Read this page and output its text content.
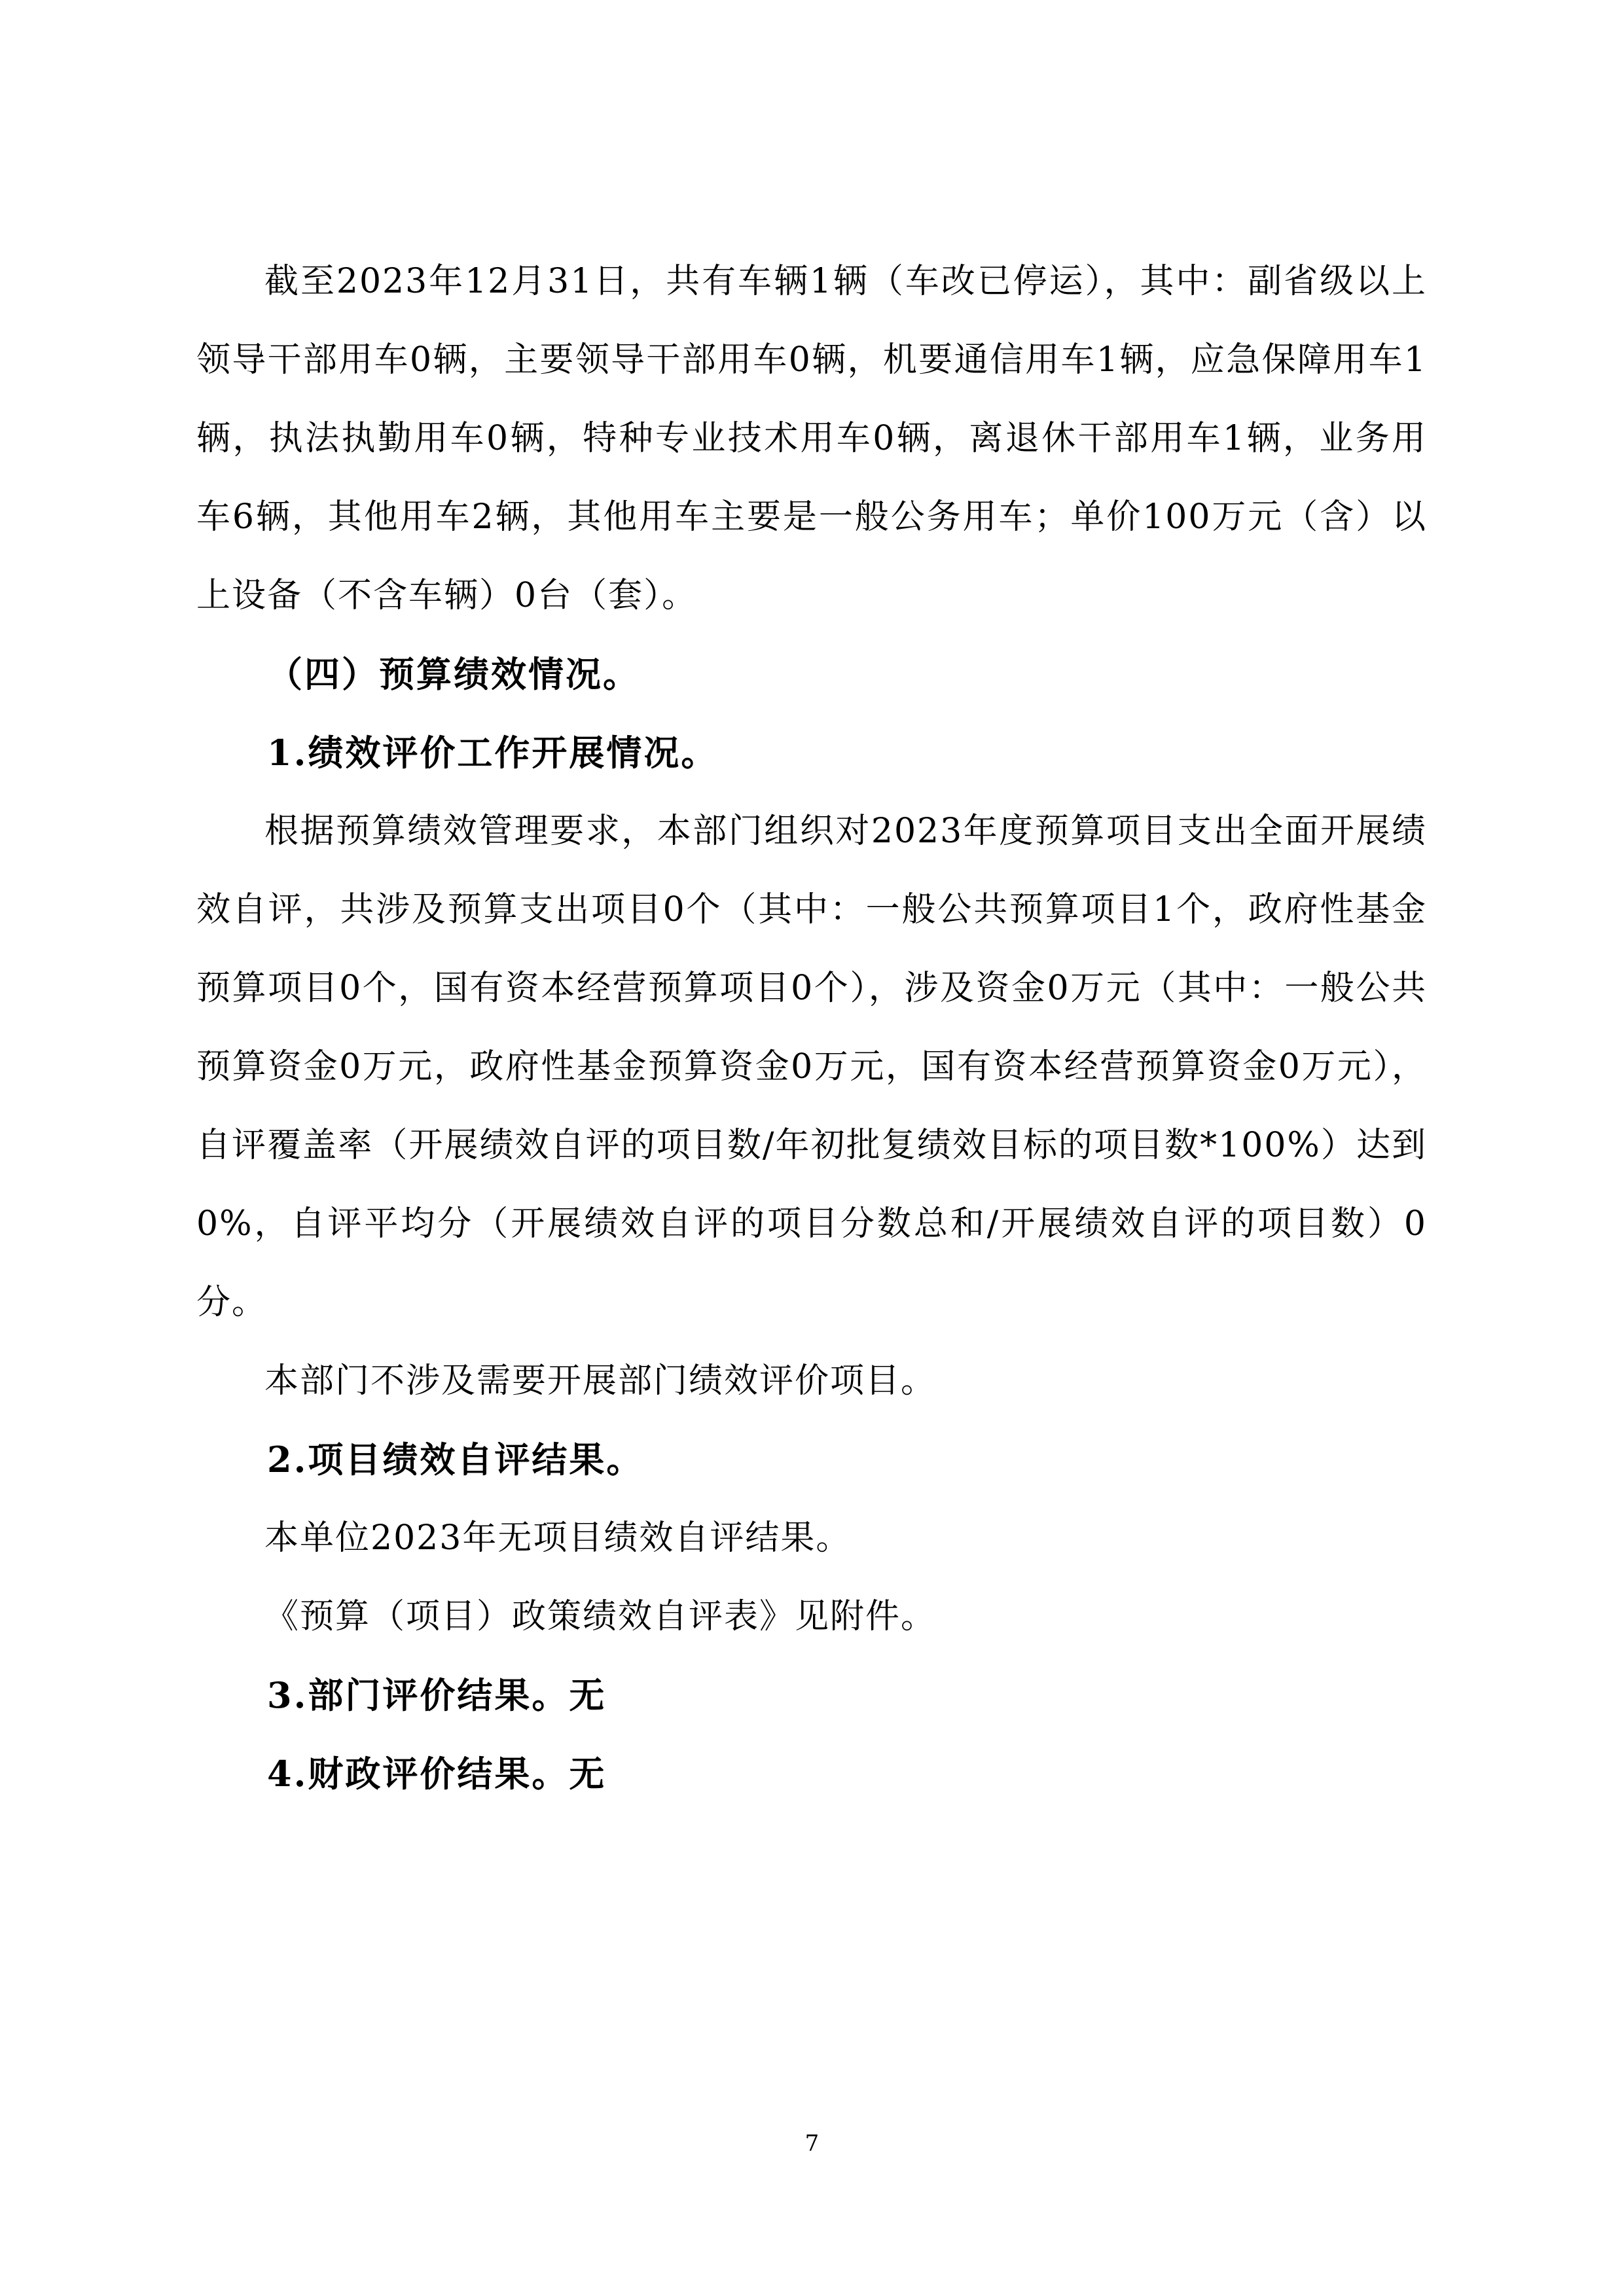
截至2023年12月31日，共有车辆1辆（车改已停运），其中：副省级以上领导干部用车0辆，主要领导干部用车0辆，机要通信用车1辆，应急保障用车1辆，执法执勤用车0辆，特种专业技术用车0辆，离退休干部用车1辆，业务用车6辆，其他用车2辆，其他用车主要是一般公务用车；单价100万元（含）以上设备（不含车辆）0台（套）。

（四）预算绩效情况。

1.绩效评价工作开展情况。

根据预算绩效管理要求，本部门组织对2023年度预算项目支出全面开展绩效自评，共涉及预算支出项目0个（其中：一般公共预算项目1个，政府性基金预算项目0个，国有资本经营预算项目0个），涉及资金0万元（其中：一般公共预算资金0万元，政府性基金预算资金0万元，国有资本经营预算资金0万元），自评覆盖率（开展绩效自评的项目数/年初批复绩效目标的项目数*100%）达到0%，自评平均分（开展绩效自评的项目分数总和/开展绩效自评的项目数）0分。

本部门不涉及需要开展部门绩效评价项目。

2.项目绩效自评结果。

本单位2023年无项目绩效自评结果。

《预算（项目）政策绩效自评表》见附件。

3.部门评价结果。无

4.财政评价结果。无

7
